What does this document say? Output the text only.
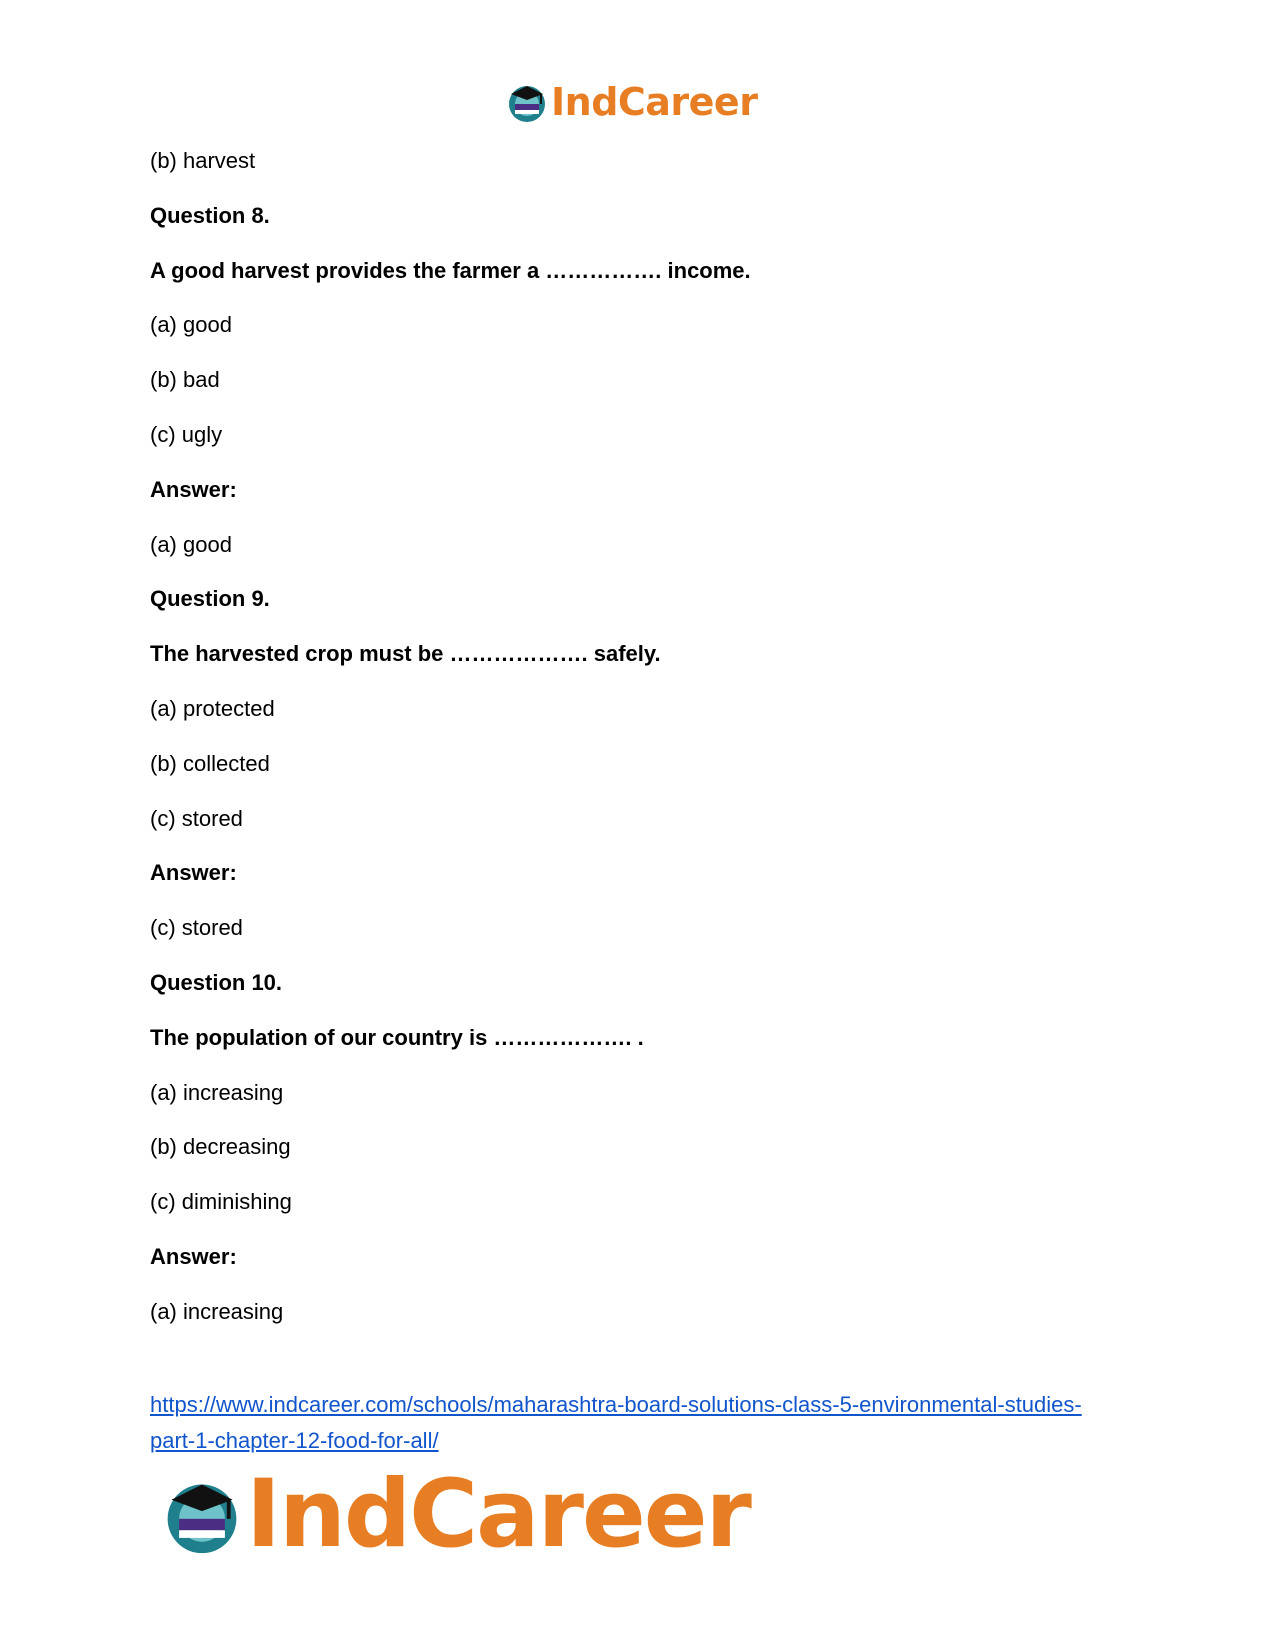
IndCareer
(b) harvest
Question 8.
A good harvest provides the farmer a ……………. income.
(a) good
(b) bad
(c) ugly
Answer:
(a) good
Question 9.
The harvested crop must be ………………. safely.
(a) protected
(b) collected
(c) stored
Answer:
(c) stored
Question 10.
The population of our country is ………………. .
(a) increasing
(b) decreasing
(c) diminishing
Answer:
(a) increasing
https://www.indcareer.com/schools/maharashtra-board-solutions-class-5-environmental-studies-
part-1-chapter-12-food-for-all/
IndCareer
